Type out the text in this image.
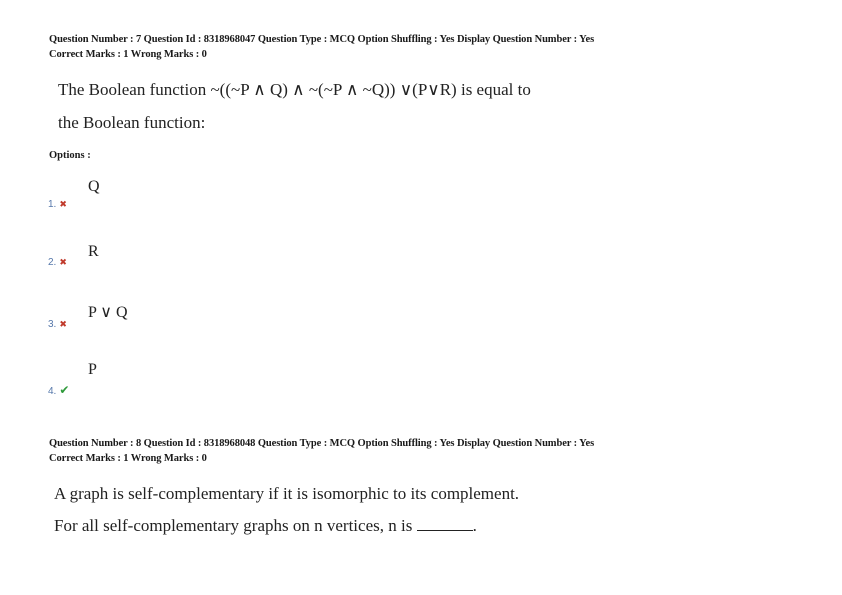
Question Number : 7 Question Id : 8318968047 Question Type : MCQ Option Shuffling : Yes Display Question Number : Yes
Correct Marks : 1 Wrong Marks : 0
The Boolean function ~((~P ∧ Q) ∧ ~(~P ∧ ~Q)) ∨(P∨R) is equal to
the Boolean function:
Options :
Q
1. ✖
R
2. ✖
P ∨ Q
3. ✖
P
4. ✔
Question Number : 8 Question Id : 8318968048 Question Type : MCQ Option Shuffling : Yes Display Question Number : Yes
Correct Marks : 1 Wrong Marks : 0
A graph is self-complementary if it is isomorphic to its complement.
For all self-complementary graphs on n vertices, n is	.
